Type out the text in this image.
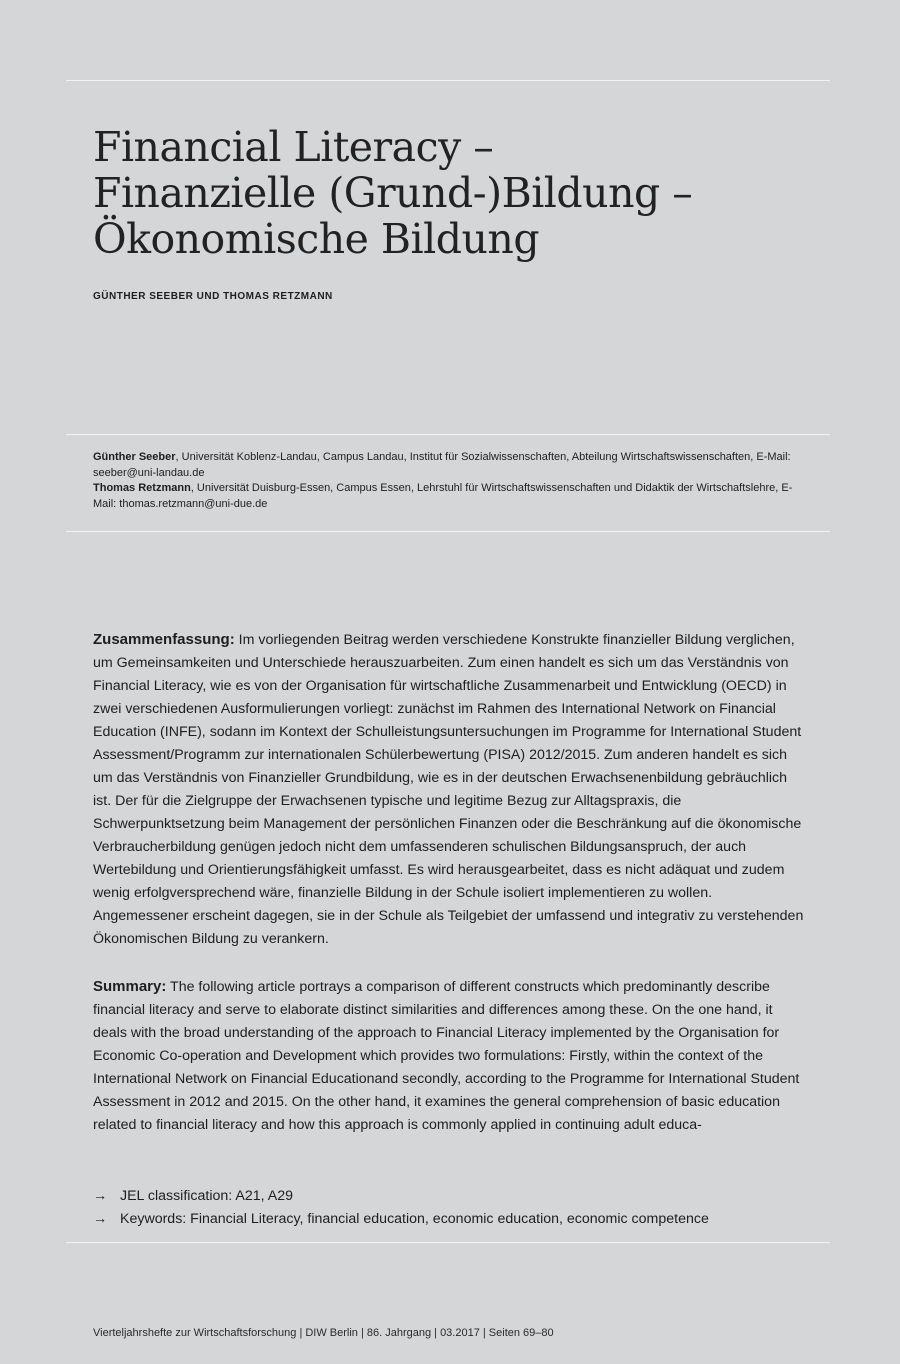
Financial Literacy –
Finanzielle (Grund-)Bildung –
Ökonomische Bildung
GÜNTHER SEEBER UND THOMAS RETZMANN

Günther Seeber, Universität Koblenz-Landau, Campus Landau, Institut für Sozialwissenschaften, Abteilung Wirtschaftswissenschaften, E-Mail: seeber@uni-landau.de

Thomas Retzmann, Universität Duisburg-Essen, Campus Essen, Lehrstuhl für Wirtschaftswissenschaften und Didaktik der Wirtschaftslehre, E-Mail: thomas.retzmann@uni-due.de

Zusammenfassung: Im vorliegenden Beitrag werden verschiedene Konstrukte finanzieller Bildung verglichen, um Gemeinsamkeiten und Unterschiede herauszuarbeiten. Zum einen handelt es sich um das Verständnis von Financial Literacy, wie es von der Organisation für wirtschaftliche Zusammenarbeit und Entwicklung (OECD) in zwei verschiedenen Ausformulierungen vorliegt: zunächst im Rahmen des International Network on Financial Education (INFE), sodann im Kontext der Schulleistungsuntersuchungen im Programme for International Student Assessment/Programm zur internationalen Schülerbewertung (PISA) 2012/2015. Zum anderen handelt es sich um das Verständnis von Finanzieller Grundbildung, wie es in der deutschen Erwachsenenbildung gebräuchlich ist. Der für die Zielgruppe der Erwachsenen typische und legitime Bezug zur Alltagspraxis, die Schwerpunktsetzung beim Management der persönlichen Finanzen oder die Beschränkung auf die ökonomische Verbraucherbildung genügen jedoch nicht dem umfassenderen schulischen Bildungsanspruch, der auch Wertebildung und Orientierungsfähigkeit umfasst. Es wird herausgearbeitet, dass es nicht adäquat und zudem wenig erfolgversprechend wäre, finanzielle Bildung in der Schule isoliert implementieren zu wollen. Angemessener erscheint dagegen, sie in der Schule als Teilgebiet der umfassend und integrativ zu verstehenden Ökonomischen Bildung zu verankern.

Summary: The following article portrays a comparison of different constructs which predominantly describe financial literacy and serve to elaborate distinct similarities and differences among these. On the one hand, it deals with the broad understanding of the approach to Financial Literacy implemented by the Organisation for Economic Co-operation and Development which provides two formulations: Firstly, within the context of the International Network on Financial Educationand secondly, according to the Programme for International Student Assessment in 2012 and 2015. On the other hand, it examines the general comprehension of basic education related to financial literacy and how this approach is commonly applied in continuing adult educa-

→ JEL classification: A21, A29
→ Keywords: Financial Literacy, financial education, economic education, economic competence
Vierteljahrshefte zur Wirtschaftsforschung | DIW Berlin | 86. Jahrgang | 03.2017 | Seiten 69–80
